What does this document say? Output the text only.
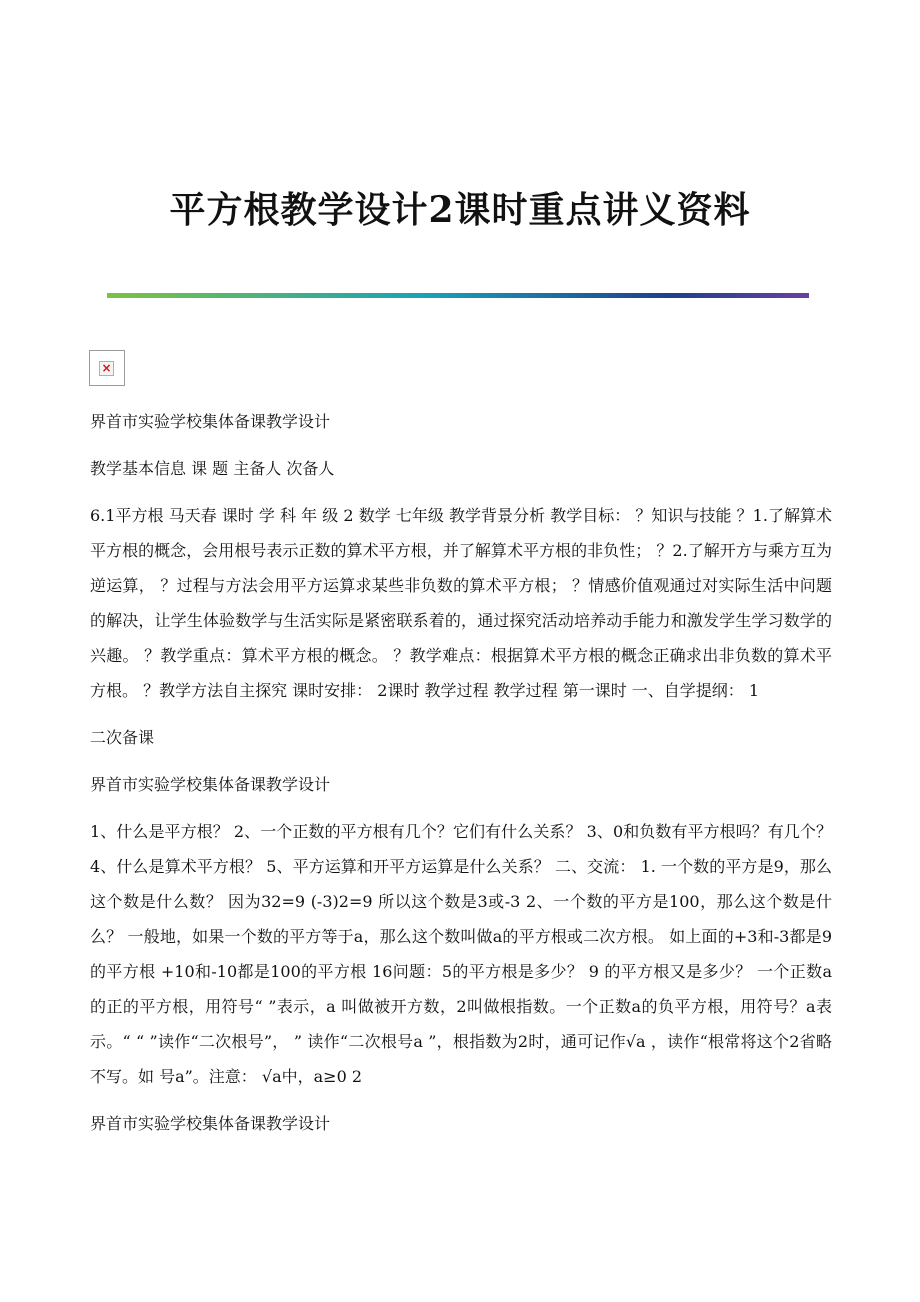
平方根教学设计2课时重点讲义资料
×

界首市实验学校集体备课教学设计

教学基本信息 课 题 主备人 次备人

6.1平方根 马天春 课时 学 科 年 级 2 数学 七年级 教学背景分析 教学目标： ？知识与技能 ？1.了解算术平方根的概念，会用根号表示正数的算术平方根，并了解算术平方根的非负性； ？2.了解开方与乘方互为逆运算， ？过程与方法会用平方运算求某些非负数的算术平方根； ？情感价值观通过对实际生活中问题的解决，让学生体验数学与生活实际是紧密联系着的，通过探究活动培养动手能力和激发学生学习数学的兴趣。 ？教学重点：算术平方根的概念。 ？教学难点：根据算术平方根的概念正确求出非负数的算术平方根。 ？教学方法自主探究 课时安排： 2课时 教学过程 教学过程 第一课时 一、自学提纲： 1

二次备课

界首市实验学校集体备课教学设计

1、什么是平方根？ 2、一个正数的平方根有几个？它们有什么关系？ 3、0和负数有平方根吗？有几个？ 4、什么是算术平方根？ 5、平方运算和开平方运算是什么关系？ 二、交流： 1. 一个数的平方是9，那么这个数是什么数？ 因为32=9 (-3)2=9 所以这个数是3或-3 2、一个数的平方是100，那么这个数是什么？ 一般地，如果一个数的平方等于a，那么这个数叫做a的平方根或二次方根。 如上面的+3和-3都是9的平方根 +10和-10都是100的平方根 16问题：5的平方根是多少？ 9 的平方根又是多少？ 一个正数a 的正的平方根，用符号“ ”表示，a 叫做被开方数，2叫做根指数。一个正数a的负平方根，用符号？a表示。“ “ ”读作“二次根号”， ” 读作“二次根号a ”，根指数为2时，通可记作√a ，读作“根常将这个2省略不写。如 号a”。注意： √a中，a≥0 2

界首市实验学校集体备课教学设计
